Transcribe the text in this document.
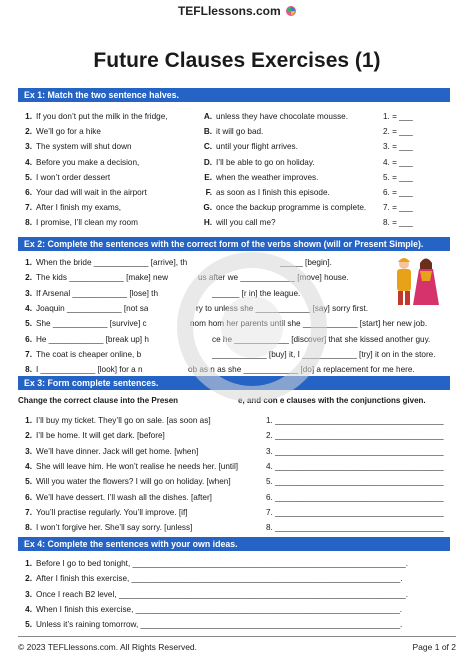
TEFLlessons.com
Future Clauses Exercises (1)
Ex 1: Match the two sentence halves.
1. If you don’t put the milk in the fridge,
2. We’ll go for a hike
3. The system will shut down
4. Before you make a decision,
5. I won’t order dessert
6. Your dad will wait in the airport
7. After I finish my exams,
8. I promise, I’ll clean my room
A. unless they have chocolate mousse.
B. it will go bad.
C. until your flight arrives.
D. I’ll be able to go on holiday.
E. when the weather improves.
F. as soon as I finish this episode.
G. once the backup programme is complete.
H. will you call me?
1. = ___
2. = ___
3. = ___
4. = ___
5. = ___
6. = ___
7. = ___
8. = ___
Ex 2: Complete the sentences with the correct form of the verbs shown (will or Present Simple).
1. When the bride ____________ [arrive], th
2. The kids ____________ [make] new
3. If Arsenal ____________ [lose] th
4. Joaquin ____________ [not sa
5. She ____________ [survive] c
6. He ____________ [break up] h
7. The coat is cheaper online, b
8. I ____________ [look] for a n
_____ [begin].
us after we ____________ [move] house.
______ [r in] the league.
ry to unless she ____________ [say] sorry first.
nom hom her parents until she ____________ [start] her new job.
ce he ____________ [discover] that she kissed another guy.
____________ [buy] it, I ____________ [try] it on in the store.
ob as n as she ____________ [do] a replacement for me here.
Ex 3: Form complete sentences.
Change the correct clause into the Presen	e, and con e clauses with the conjunctions given.
1. I’ll buy my ticket. They’ll go on sale. [as soon as]
2. I’ll be home. It will get dark. [before]
3. We’ll have dinner. Jack will get home. [when]
4. She will leave him. He won’t realise he needs her. [until]
5. Will you water the flowers? I will go on holiday. [when]
6. We’ll have dessert. I’ll wash all the dishes. [after]
7. You’ll practise regularly. You’ll improve. [if]
8. I won’t forgive her. She’ll say sorry. [unless]
1. _____________________________________
2. _____________________________________
3. _____________________________________
4. _____________________________________
5. _____________________________________
6. _____________________________________
7. _____________________________________
8. _____________________________________
Ex 4: Complete the sentences with your own ideas.
1. Before I go to bed tonight, ____________________________________________________________.
2. After I finish this exercise, ___________________________________________________________.
3. Once I reach B2 level, _______________________________________________________________.
4. When I finish this exercise, __________________________________________________________.
5. Unless it’s raining tomorrow, _________________________________________________________.
© 2023 TEFLlessons.com. All Rights Reserved.	Page 1 of 2
